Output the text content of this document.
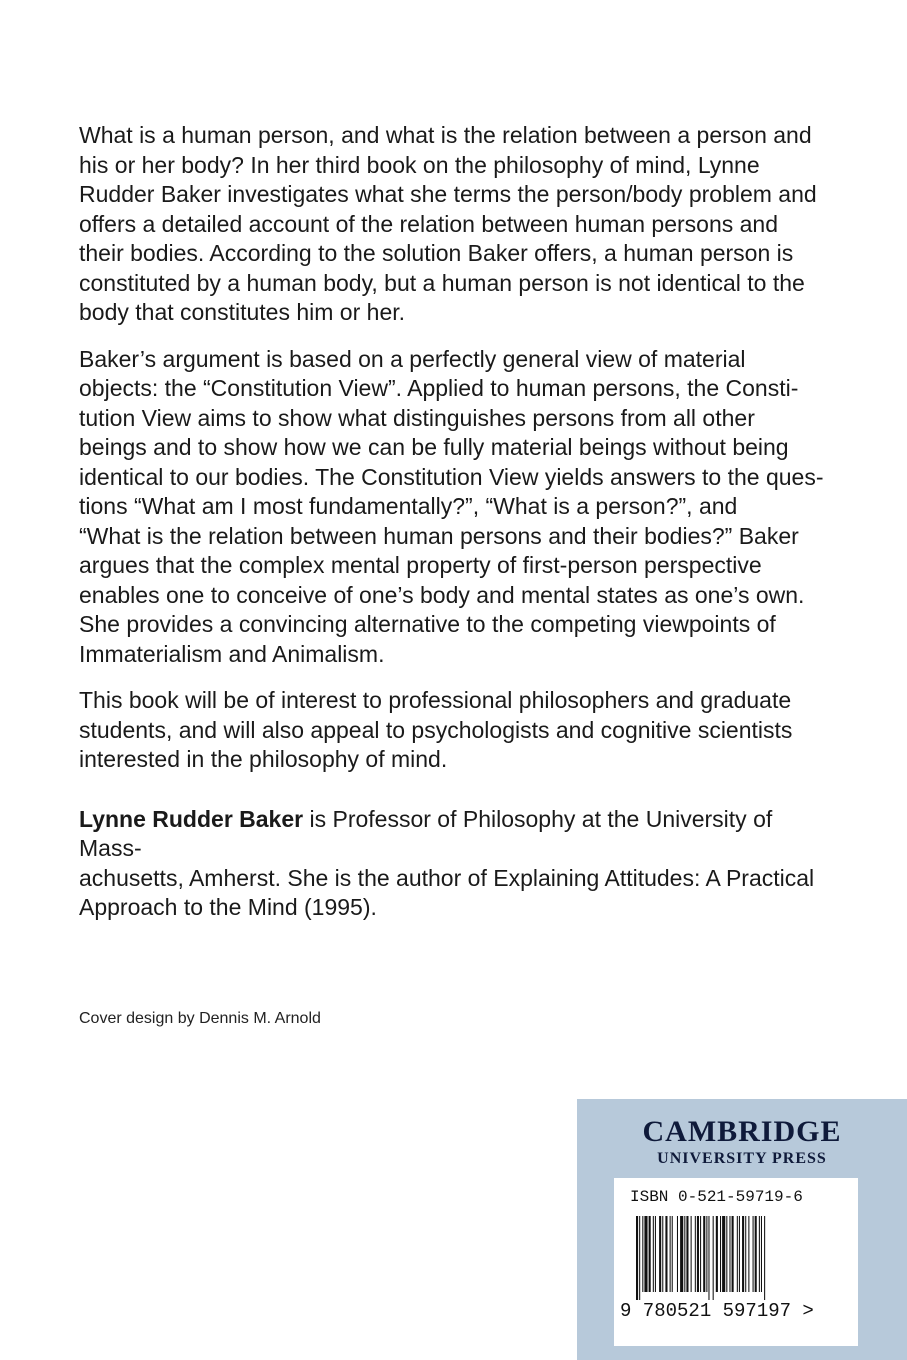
What is a human person, and what is the relation between a person and
his or her body? In her third book on the philosophy of mind, Lynne
Rudder Baker investigates what she terms the person/body problem and
offers a detailed account of the relation between human persons and
their bodies. According to the solution Baker offers, a human person is
constituted by a human body, but a human person is not identical to the
body that constitutes him or her.

Baker’s argument is based on a perfectly general view of material
objects: the “Constitution View”. Applied to human persons, the Consti-
tution View aims to show what distinguishes persons from all other
beings and to show how we can be fully material beings without being
identical to our bodies. The Constitution View yields answers to the ques-
tions “What am I most fundamentally?”, “What is a person?”, and
“What is the relation between human persons and their bodies?” Baker
argues that the complex mental property of first-person perspective
enables one to conceive of one’s body and mental states as one’s own.
She provides a convincing alternative to the competing viewpoints of
Immaterialism and Animalism.

This book will be of interest to professional philosophers and graduate
students, and will also appeal to psychologists and cognitive scientists
interested in the philosophy of mind.

Lynne Rudder Baker is Professor of Philosophy at the University of Mass-
achusetts, Amherst. She is the author of Explaining Attitudes: A Practical
Approach to the Mind (1995).

Cover design by Dennis M. Arnold
CAMBRIDGE
UNIVERSITY PRESS
ISBN 0-521-59719-6
9 780521 597197 >
